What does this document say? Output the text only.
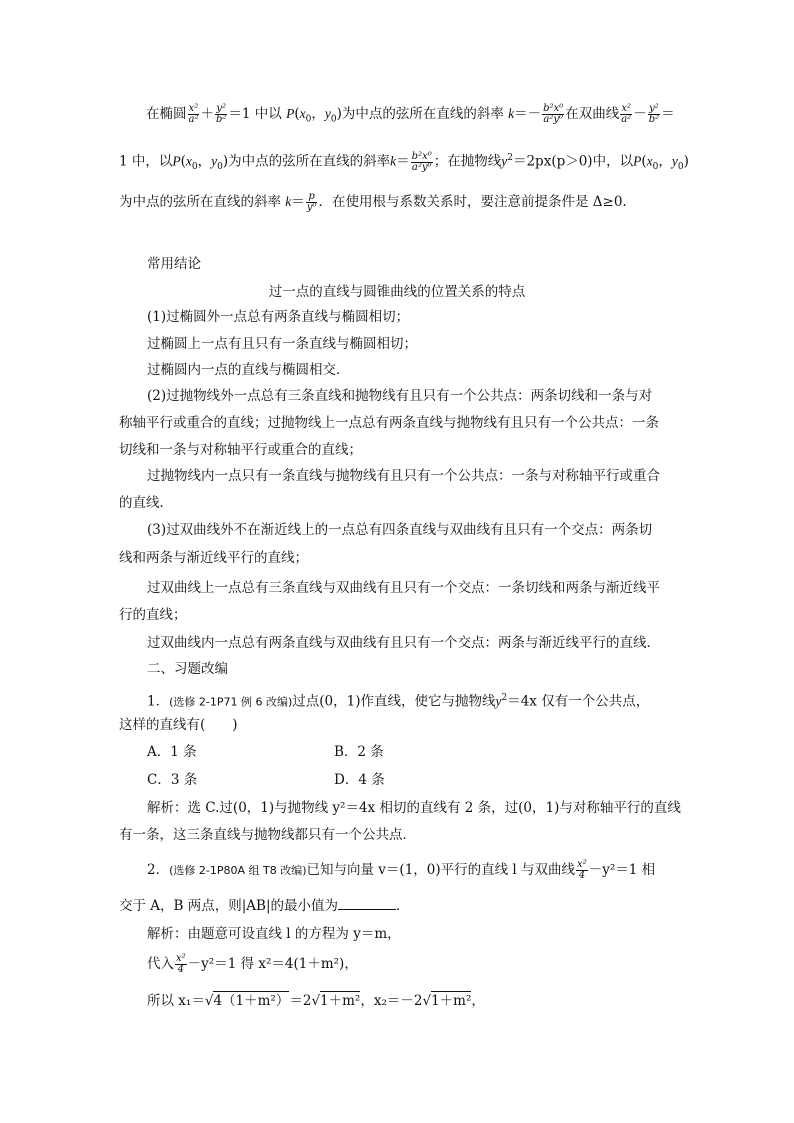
在椭圆 $\frac{\text{x²}}{\text{a²}} + \frac{\text{y²}}{\text{b²}} =1$ 中以 $P(x_0$，$y_0$)为中点的弦所在直线的斜率 $k=- \frac{\text{b²x⁰}}{\text{a²y⁰}}$ 在双曲线 $\frac{\text{x²}}{\text{a²}} - \frac{\text{y²}}{\text{b²}}$ ＝
1 中，以$P(x_0$，$y_0$)为中点的弦所在直线的斜率$k= \frac{\text{b²x⁰}}{\text{a²y⁰}}$ ；在抛物线$y^2=2px(p>0)$中，以$P(x_0$，$y_0$)
为中点的弦所在直线的斜率 $k= \frac{p}{\text{y⁰}}$ ．在使用根与系数关系时，要注意前提条件是 Δ≥0.
常用结论
过一点的直线与圆锥曲线的位置关系的特点
(1)过椭圆外一点总有两条直线与椭圆相切；
过椭圆上一点有且只有一条直线与椭圆相切；
过椭圆内一点的直线与椭圆相交．
(2)过抛物线外一点总有三条直线和抛物线有且只有一个公共点：两条切线和一条与对
称轴平行或重合的直线；过抛物线上一点总有两条直线与抛物线有且只有一个公共点：一条
切线和一条与对称轴平行或重合的直线；
过抛物线内一点只有一条直线与抛物线有且只有一个公共点：一条与对称轴平行或重合
的直线．
(3)过双曲线外不在渐近线上的一点总有四条直线与双曲线有且只有一个交点：两条切
线和两条与渐近线平行的直线；
过双曲线上一点总有三条直线与双曲线有且只有一个交点：一条切线和两条与渐近线平
行的直线；
过双曲线内一点总有两条直线与双曲线有且只有一个交点：两条与渐近线平行的直线．
二、习题改编
1．(选修 2-1P71 例 6 改编)过点(0，1)作直线，使它与抛物线$y^2=4x$ 仅有一个公共点，
这样的直线有(　　)
A．1 条	B．2 条
C．3 条	D．4 条
解析：选 C.过(0，1)与抛物线 y²＝4x 相切的直线有 2 条，过(0，1)与对称轴平行的直线
有一条，这三条直线与抛物线都只有一个公共点．
2．(选修 2-1P80A 组 T8 改编)已知与向量 v＝(1，0)平行的直线 l 与双曲线 $\frac{\text{x²}}{4} -y^2=1$ 相
交于 A，B 两点，则|AB|的最小值为	．
解析：由题意可设直线 l 的方程为 y＝m，
代入 $\frac{\text{x²}}{4} -y^2=1$ 得 x²＝4(1＋m²)，
所以 x₁＝√4（1＋m²）＝2√1＋m²，x₂＝－2√1＋m²，
